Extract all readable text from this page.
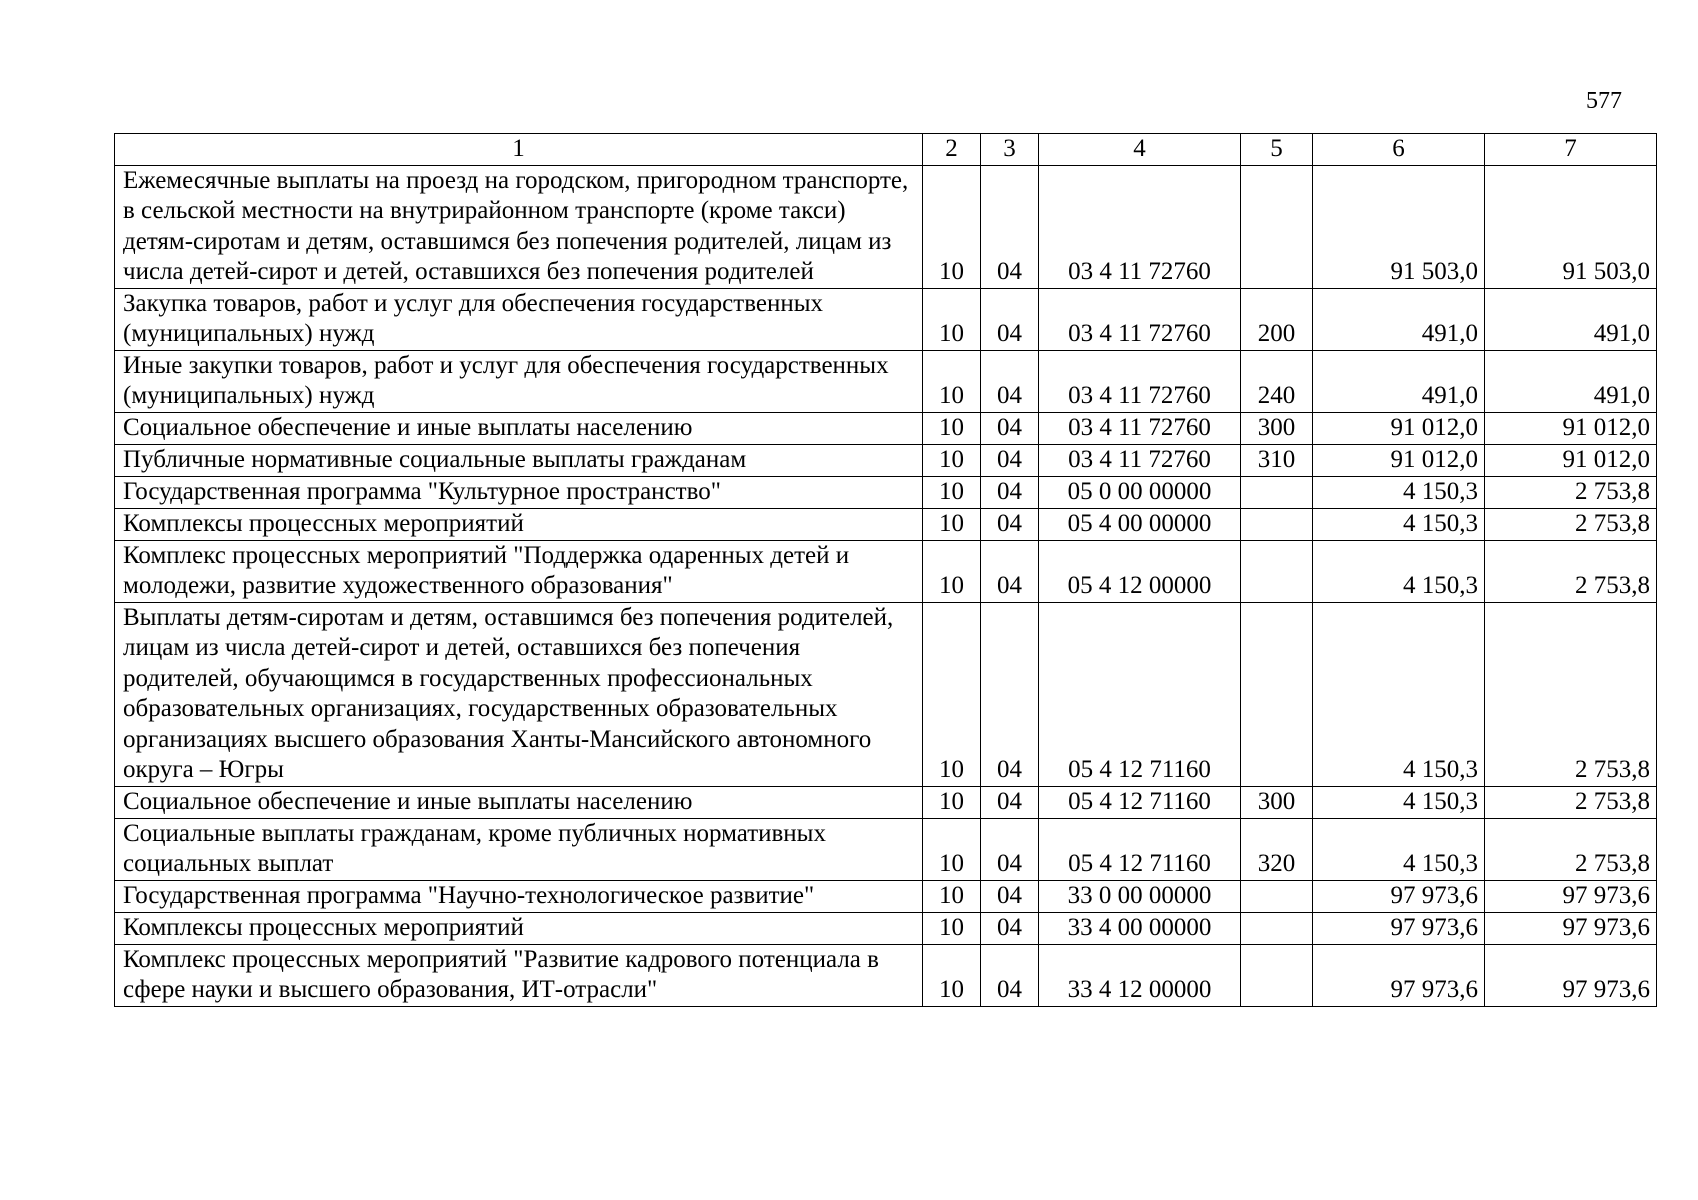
577
1	2	3	4	5	6	7
Ежемесячные выплаты на проезд на городском, пригородном транспорте, в сельской местности на внутрирайонном транспорте (кроме такси) детям-сиротам и детям, оставшимся без попечения родителей, лицам из числа детей-сирот и детей, оставшихся без попечения родителей	10	04	03 4 11 72760		91 503,0	91 503,0
Закупка товаров, работ и услуг для обеспечения государственных (муниципальных) нужд	10	04	03 4 11 72760	200	491,0	491,0
Иные закупки товаров, работ и услуг для обеспечения государственных (муниципальных) нужд	10	04	03 4 11 72760	240	491,0	491,0
Социальное обеспечение и иные выплаты населению	10	04	03 4 11 72760	300	91 012,0	91 012,0
Публичные нормативные социальные выплаты гражданам	10	04	03 4 11 72760	310	91 012,0	91 012,0
Государственная программа "Культурное пространство"	10	04	05 0 00 00000		4 150,3	2 753,8
Комплексы процессных мероприятий	10	04	05 4 00 00000		4 150,3	2 753,8
Комплекс процессных мероприятий "Поддержка одаренных детей и молодежи, развитие художественного образования"	10	04	05 4 12 00000		4 150,3	2 753,8
Выплаты детям-сиротам и детям, оставшимся без попечения родителей, лицам из числа детей-сирот и детей, оставшихся без попечения родителей, обучающимся в государственных профессиональных образовательных организациях, государственных образовательных организациях высшего образования Ханты-Мансийского автономного округа – Югры	10	04	05 4 12 71160		4 150,3	2 753,8
Социальное обеспечение и иные выплаты населению	10	04	05 4 12 71160	300	4 150,3	2 753,8
Социальные выплаты гражданам, кроме публичных нормативных социальных выплат	10	04	05 4 12 71160	320	4 150,3	2 753,8
Государственная программа "Научно-технологическое развитие"	10	04	33 0 00 00000		97 973,6	97 973,6
Комплексы процессных мероприятий	10	04	33 4 00 00000		97 973,6	97 973,6
Комплекс процессных мероприятий "Развитие кадрового потенциала в сфере науки и высшего образования, ИТ-отрасли"	10	04	33 4 12 00000		97 973,6	97 973,6
